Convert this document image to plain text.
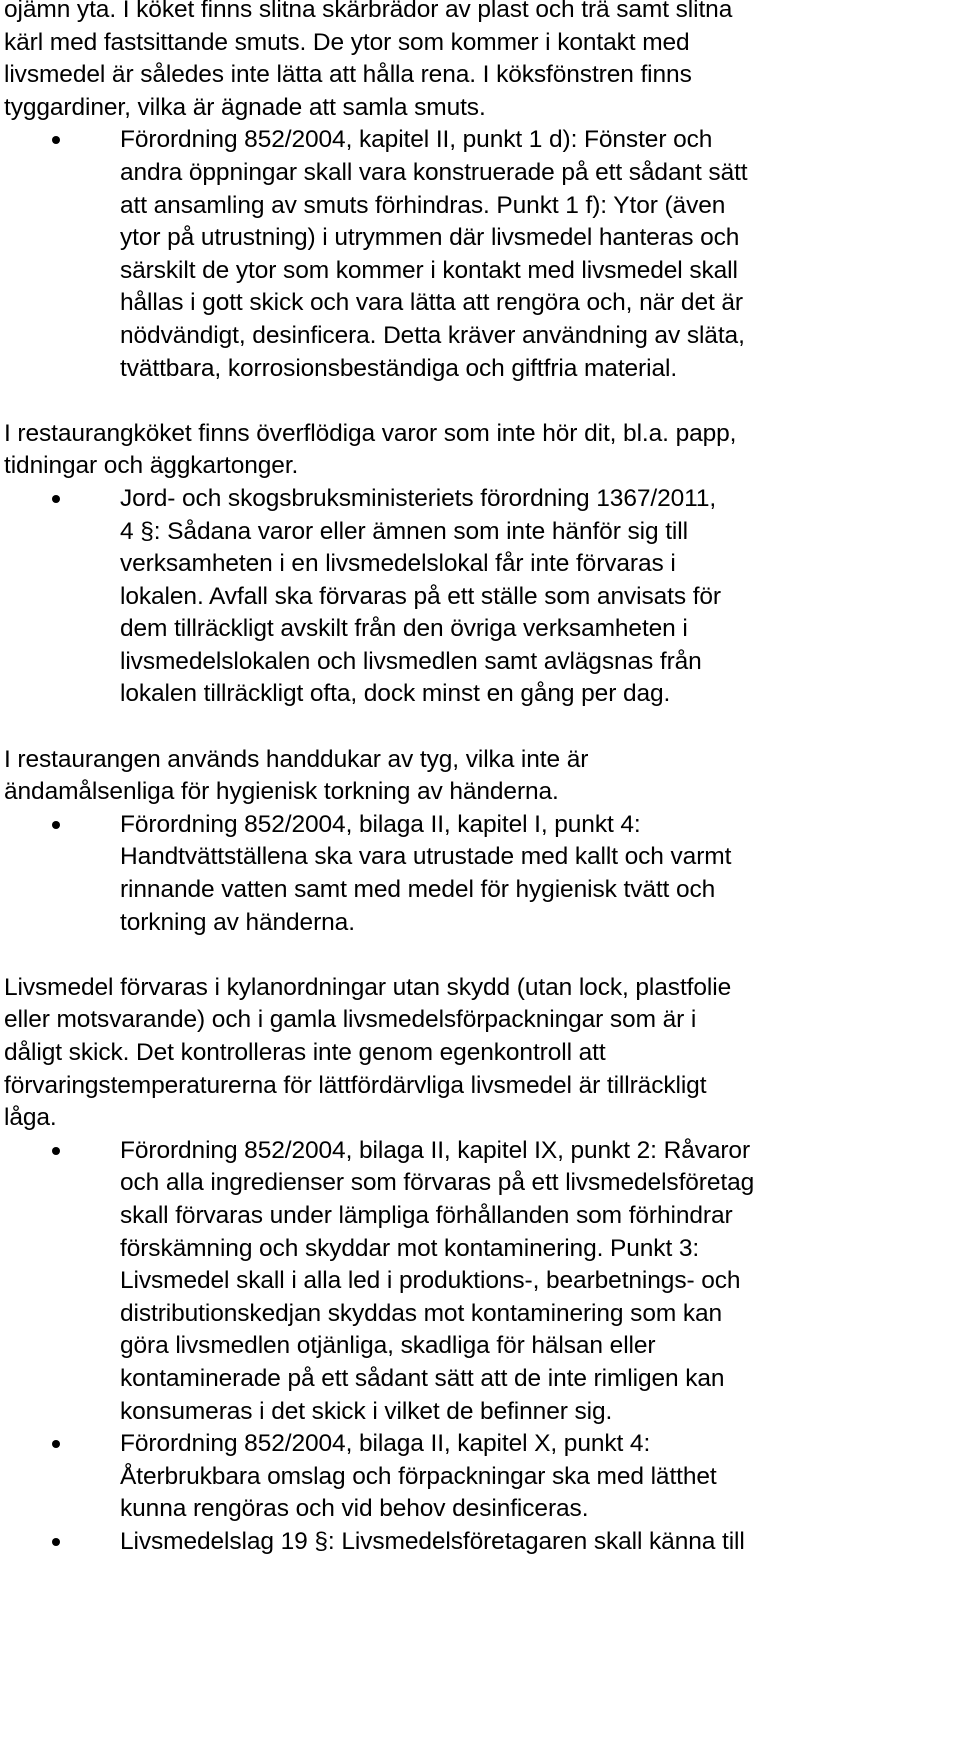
ojämn yta. I köket finns slitna skärbrädor av plast och trä samt slitna
kärl med fastsittande smuts. De ytor som kommer i kontakt med
livsmedel är således inte lätta att hålla rena. I köksfönstren finns
tyggardiner, vilka är ägnade att samla smuts.
Förordning 852/2004, kapitel II, punkt 1 d): Fönster och
andra öppningar skall vara konstruerade på ett sådant sätt
att ansamling av smuts förhindras. Punkt 1 f): Ytor (även
ytor på utrustning) i utrymmen där livsmedel hanteras och
särskilt de ytor som kommer i kontakt med livsmedel skall
hållas i gott skick och vara lätta att rengöra och, när det är
nödvändigt, desinficera. Detta kräver användning av släta,
tvättbara, korrosionsbeständiga och giftfria material.
I restaurangköket finns överflödiga varor som inte hör dit, bl.a. papp,
tidningar och äggkartonger.
Jord- och skogsbruksministeriets förordning 1367/2011,
4 §: Sådana varor eller ämnen som inte hänför sig till
verksamheten i en livsmedelslokal får inte förvaras i
lokalen. Avfall ska förvaras på ett ställe som anvisats för
dem tillräckligt avskilt från den övriga verksamheten i
livsmedelslokalen och livsmedlen samt avlägsnas från
lokalen tillräckligt ofta, dock minst en gång per dag.
I restaurangen används handdukar av tyg, vilka inte är
ändamålsenliga för hygienisk torkning av händerna.
Förordning 852/2004, bilaga II, kapitel I, punkt 4:
Handtvättställena ska vara utrustade med kallt och varmt
rinnande vatten samt med medel för hygienisk tvätt och
torkning av händerna.
Livsmedel förvaras i kylanordningar utan skydd (utan lock, plastfolie
eller motsvarande) och i gamla livsmedelsförpackningar som är i
dåligt skick. Det kontrolleras inte genom egenkontroll att
förvaringstemperaturerna för lättfördärvliga livsmedel är tillräckligt
låga.
Förordning 852/2004, bilaga II, kapitel IX, punkt 2: Råvaror
och alla ingredienser som förvaras på ett livsmedelsföretag
skall förvaras under lämpliga förhållanden som förhindrar
förskämning och skyddar mot kontaminering. Punkt 3:
Livsmedel skall i alla led i produktions-, bearbetnings- och
distributionskedjan skyddas mot kontaminering som kan
göra livsmedlen otjänliga, skadliga för hälsan eller
kontaminerade på ett sådant sätt att de inte rimligen kan
konsumeras i det skick i vilket de befinner sig.
Förordning 852/2004, bilaga II, kapitel X, punkt 4:
Återbrukbara omslag och förpackningar ska med lätthet
kunna rengöras och vid behov desinficeras.
Livsmedelslag 19 §: Livsmedelsföretagaren skall känna till
